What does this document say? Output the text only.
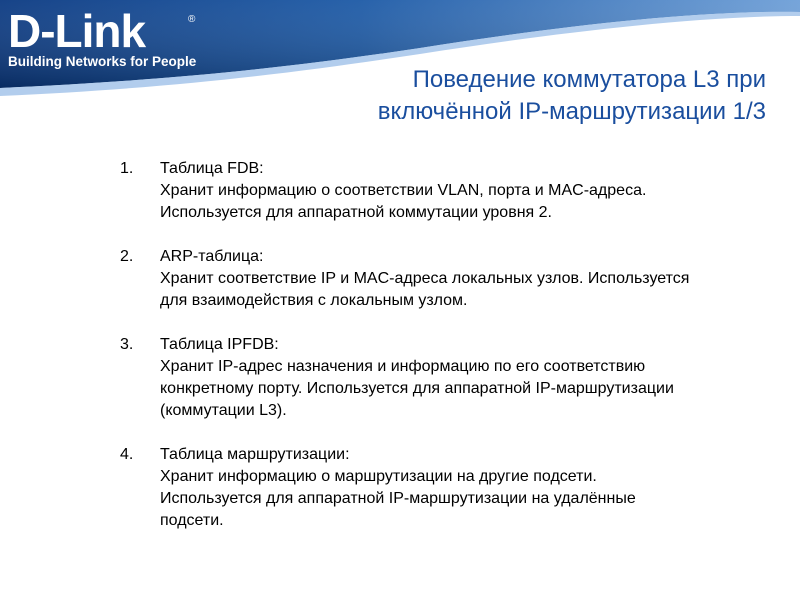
D-Link	®
Building Networks for People
Поведение коммутатора L3 при
включённой IP-маршрутизации 1/3
1. Таблица FDB:
Хранит информацию о соответствии VLAN, порта и MAC-адреса. Используется для аппаратной коммутации уровня 2.
2. ARP-таблица:
Хранит соответствие IP и MAC-адреса локальных узлов. Используется для взаимодействия с локальным узлом.
3. Таблица IPFDB:
Хранит IP-адрес назначения и информацию по его соответствию конкретному порту. Используется для аппаратной IP-маршрутизации (коммутации L3).
4. Таблица маршрутизации:
Хранит информацию о маршрутизации на другие подсети. Используется для аппаратной IP-маршрутизации на удалённые подсети.
